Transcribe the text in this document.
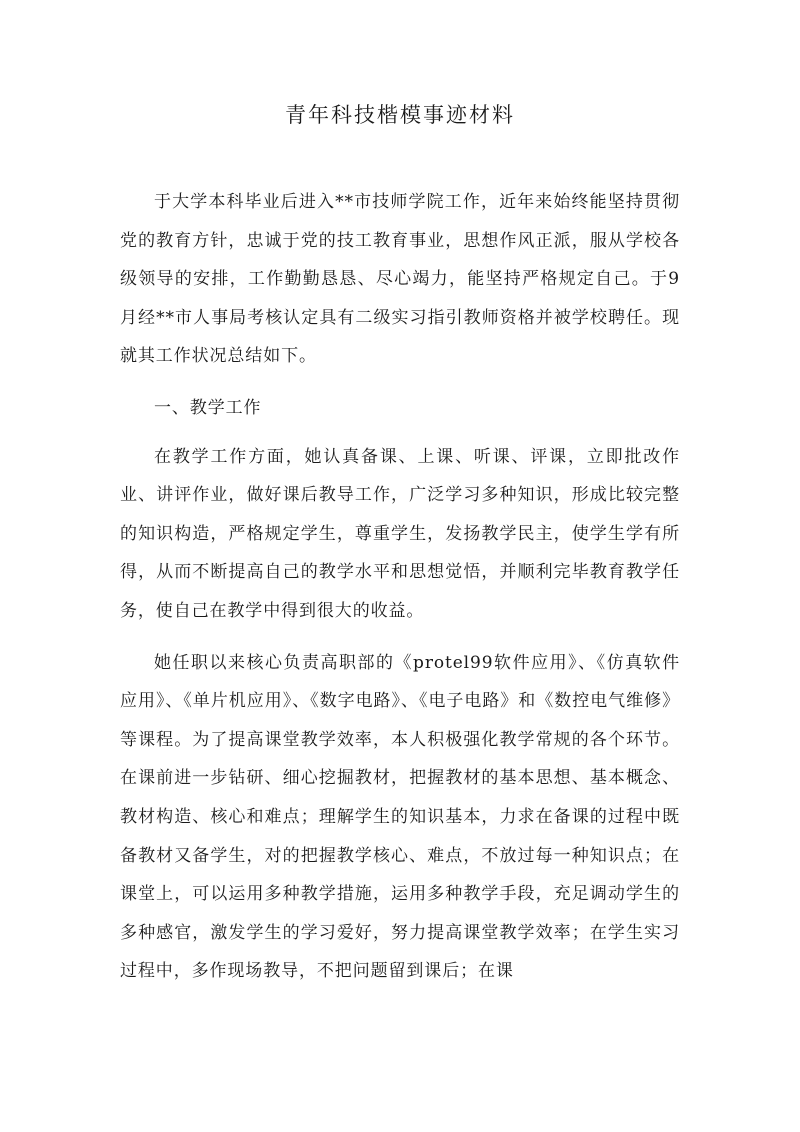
青年科技楷模事迹材料

于大学本科毕业后进入**市技师学院工作，近年来始终能坚持贯彻党的教育方针，忠诚于党的技工教育事业，思想作风正派，服从学校各级领导的安排，工作勤勤恳恳、尽心竭力，能坚持严格规定自己。于9月经**市人事局考核认定具有二级实习指引教师资格并被学校聘任。现就其工作状况总结如下。

一、教学工作

在教学工作方面，她认真备课、上课、听课、评课，立即批改作业、讲评作业，做好课后教导工作，广泛学习多种知识，形成比较完整的知识构造，严格规定学生，尊重学生，发扬教学民主，使学生学有所得，从而不断提高自己的教学水平和思想觉悟，并顺利完毕教育教学任务，使自己在教学中得到很大的收益。

她任职以来核心负责高职部的《protel99软件应用》、《仿真软件应用》、《单片机应用》、《数字电路》、《电子电路》和《数控电气维修》等课程。为了提高课堂教学效率，本人积极强化教学常规的各个环节。在课前进一步钻研、细心挖掘教材，把握教材的基本思想、基本概念、教材构造、核心和难点；理解学生的知识基本，力求在备课的过程中既备教材又备学生，对的把握教学核心、难点，不放过每一种知识点；在课堂上，可以运用多种教学措施，运用多种教学手段，充足调动学生的多种感官，激发学生的学习爱好，努力提高课堂教学效率；在学生实习过程中，多作现场教导，不把问题留到课后；在课
